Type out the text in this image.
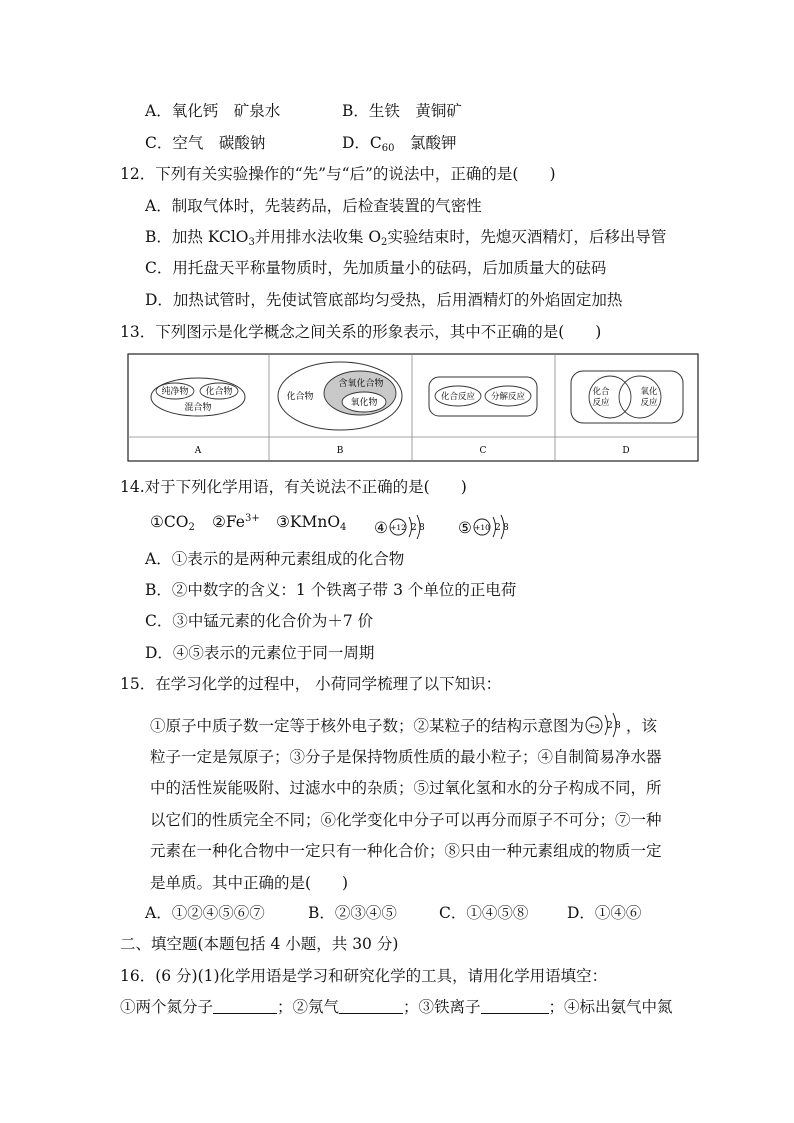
A．氧化钙　矿泉水	B．生铁　黄铜矿
C．空气　碳酸钠	D．$C_{60}$　氯酸钾
12．下列有关实验操作的“先”与“后”的说法中，正确的是(　　)
A．制取气体时，先装药品，后检查装置的气密性
B．加热 KClO$_3$并用排水法收集 $O_2$实验结束时，先熄灭酒精灯，后移出导管
C．用托盘天平称量物质时，先加质量小的砝码，后加质量大的砝码
D．加热试管时，先使试管底部均匀受热，后用酒精灯的外焰固定加热
13．下列图示是化学概念之间关系的形象表示，其中不正确的是(　　)
纯净物 化合物
混合物
A
化合物
含氧化合物
氧化物
B
化合反应 分解反应
C
化合
反应
氧化
反应
D
14.对于下列化学用语，有关说法不正确的是(　　)
$①CO_2$ $②Fe^{3+}$ ③KMnO$_4$ ④ +12 2 8 ⑤ +10 2 8
A．①表示的是两种元素组成的化合物
B．②中数字的含义：1 个铁离子带 3 个单位的正电荷
C．③中锰元素的化合价为＋7 价
D．④⑤表示的元素位于同一周期
15．在学习化学的过程中， 小荷同学梳理了以下知识：
①原子中质子数一定等于核外电子数；②某粒子的结构示意图为 +a 2 8 ，该
粒子一定是氖原子；③分子是保持物质性质的最小粒子；④自制简易净水器
中的活性炭能吸附、过滤水中的杂质；⑤过氧化氢和水的分子构成不同，所
以它们的性质完全不同；⑥化学变化中分子可以再分而原子不可分；⑦一种
元素在一种化合物中一定只有一种化合价；⑧只由一种元素组成的物质一定
是单质。其中正确的是(　　)
A．①②④⑤⑥⑦	B．②③④⑤	C．①④⑤⑧ D．①④⑥
二、填空题(本题包括 4 小题，共 30 分)
16．(6 分)(1)化学用语是学习和研究化学的工具，请用化学用语填空：
①两个氮分子	；②氖气	；③铁离子	；④标出氨气中氮
